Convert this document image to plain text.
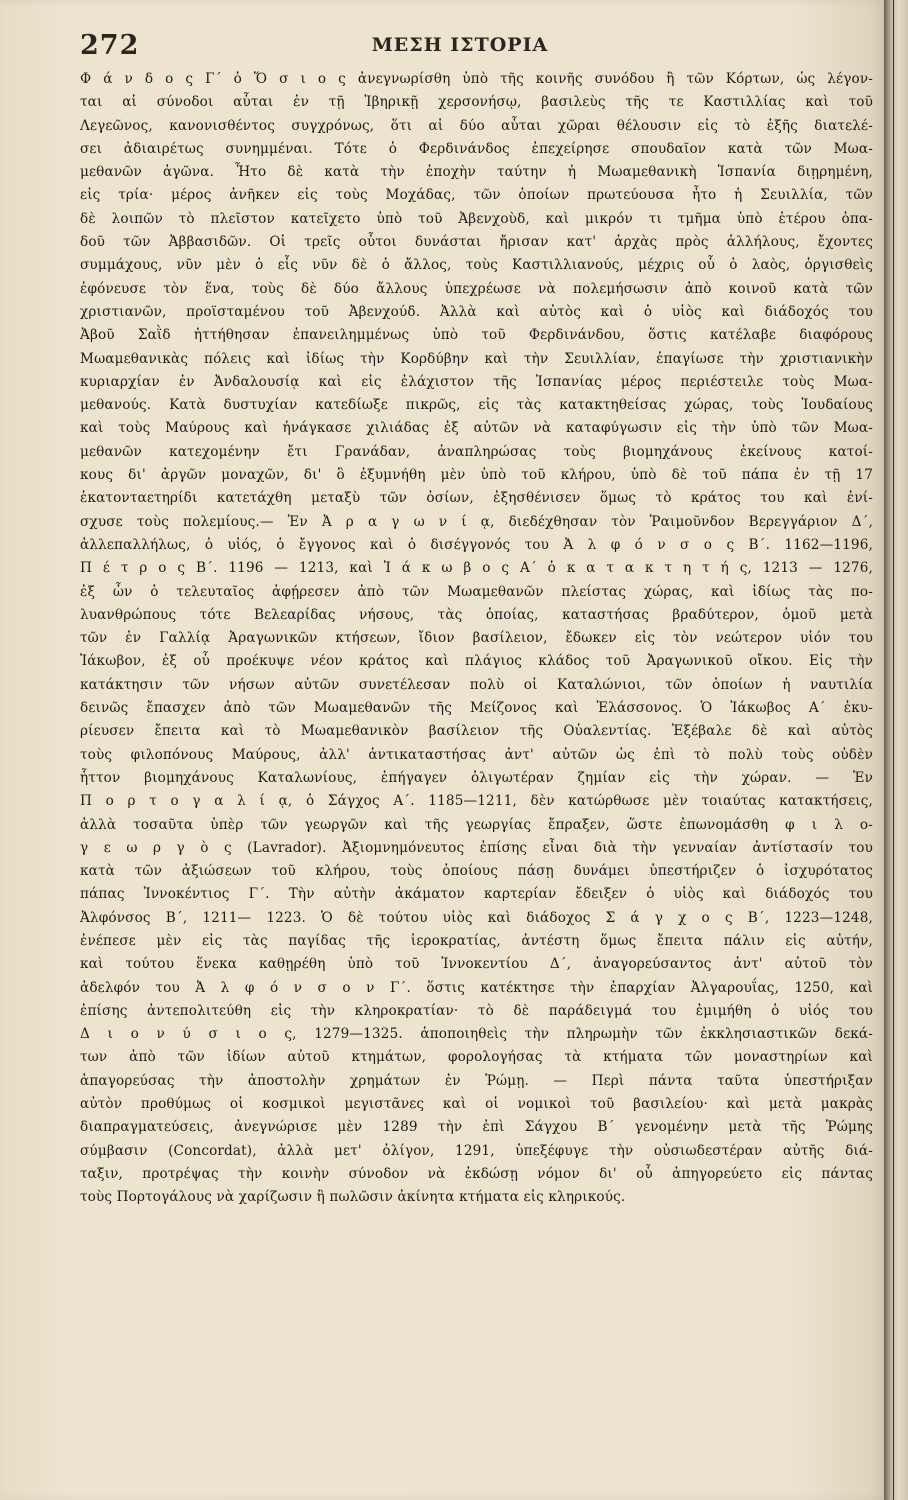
272	ΜΕΣΗ ΙΣΤΟΡΙΑ
Φ ά ν δ ο ς Γ΄ ὁ Ὅ σ ι ο ς ἀνεγνωρίσθη ὑπὸ τῆς κοινῆς συνόδου ἢ τῶν Κόρτων, ὡς λέγον-
ται αἱ σύνοδοι αὗται ἐν τῇ Ἰβηρικῇ χερσονήσῳ, βασιλεὺς τῆς τε Καστιλλίας καὶ τοῦ
Λεγεῶνος, κανονισθέντος συγχρόνως, ὅτι αἱ δύο αὗται χῶραι θέλουσιν εἰς τὸ ἑξῆς διατελέ-
σει ἀδιαιρέτως συνημμέναι. Τότε ὁ Φερδινάνδος ἐπεχείρησε σπουδαῖον κατὰ τῶν Μωα-
μεθανῶν ἀγῶνα. Ἦτο δὲ κατὰ τὴν ἐποχὴν ταύτην ἡ Μωαμεθανικὴ Ἱσπανία διῃρημένη,
εἰς τρία· μέρος ἀνῆκεν εἰς τοὺς Μοχάδας, τῶν ὁποίων πρωτεύουσα ἦτο ἡ Σευιλλία, τῶν
δὲ λοιπῶν τὸ πλεῖστον κατεῖχετο ὑπὸ τοῦ Ἀβενχοὺδ, καὶ μικρόν τι τμῆμα ὑπὸ ἑτέρου ὁπα-
δοῦ τῶν Ἀββασιδῶν. Οἱ τρεῖς οὗτοι δυνάσται ἤρισαν κατ' ἀρχὰς πρὸς ἀλλήλους, ἔχοντες
συμμάχους, νῦν μὲν ὁ εἷς νῦν δὲ ὁ ἄλλος, τοὺς Καστιλλιανούς, μέχρις οὗ ὁ λαὸς, ὀργισθεὶς
ἐφόνευσε τὸν ἕνα, τοὺς δὲ δύο ἄλλους ὑπεχρέωσε νὰ πολεμήσωσιν ἀπὸ κοινοῦ κατὰ τῶν
χριστιανῶν, προϊσταμένου τοῦ Ἀβενχούδ. Ἀλλὰ καὶ αὐτὸς καὶ ὁ υἱὸς καὶ διάδοχός του
Ἀβοῦ Σαῒδ ἡττήθησαν ἐπανειλημμένως ὑπὸ τοῦ Φερδινάνδου, ὅστις κατέλαβε διαφόρους
Μωαμεθανικὰς πόλεις καὶ ἰδίως τὴν Κορδύβην καὶ τὴν Σευιλλίαν, ἐπαγίωσε τὴν χριστιανικὴν
κυριαρχίαν ἐν Ἀνδαλουσίᾳ καὶ εἰς ἐλάχιστον τῆς Ἱσπανίας μέρος περιέστειλε τοὺς Μωα-
μεθανούς. Κατὰ δυστυχίαν κατεδίωξε πικρῶς, εἰς τὰς κατακτηθείσας χώρας, τοὺς Ἰουδαίους
καὶ τοὺς Μαύρους καὶ ἠνάγκασε χιλιάδας ἐξ αὐτῶν νὰ καταφύγωσιν εἰς τὴν ὑπὸ τῶν Μωα-
μεθανῶν κατεχομένην ἔτι Γρανάδαν, ἀναπληρώσας τοὺς βιομηχάνους ἐκείνους κατοί-
κους δι' ἀργῶν μοναχῶν, δι' ὃ ἐξυμνήθη μὲν ὑπὸ τοῦ κλήρου, ὑπὸ δὲ τοῦ πάπα ἐν τῇ 17
ἑκατονταετηρίδι κατετάχθη μεταξὺ τῶν ὁσίων, ἐξησθένισεν ὅμως τὸ κράτος του καὶ ἐνί-
σχυσε τοὺς πολεμίους.— Ἐν Ἀ ρ α γ ω ν ί ᾳ, διεδέχθησαν τὸν Ῥαιμοῦνδον Βερεγγάριον Δ΄,
ἀλλεπαλλήλως, ὁ υἱός, ὁ ἔγγονος καὶ ὁ δισέγγονός του Ἀ λ φ ό ν σ ο ς Β΄. 1162—1196,
Π έ τ ρ ο ς Β΄. 1196 — 1213, καὶ Ἰ ά κ ω β ο ς Α΄ ὁ κ α τ α κ τ η τ ή ς, 1213 — 1276,
ἐξ ὧν ὁ τελευταῖος ἀφῄρεσεν ἀπὸ τῶν Μωαμεθανῶν πλείστας χώρας, καὶ ἰδίως τὰς πο-
λυανθρώπους τότε Βελεαρίδας νήσους, τὰς ὁποίας, καταστήσας βραδύτερον, ὁμοῦ μετὰ
τῶν ἐν Γαλλίᾳ Ἀραγωνικῶν κτήσεων, ἴδιον βασίλειον, ἔδωκεν εἰς τὸν νεώτερον υἱόν του
Ἰάκωβον, ἐξ οὗ προέκυψε νέον κράτος καὶ πλάγιος κλάδος τοῦ Ἀραγωνικοῦ οἴκου. Εἰς τὴν
κατάκτησιν τῶν νήσων αὐτῶν συνετέλεσαν πολὺ οἱ Καταλώνιοι, τῶν ὁποίων ἡ ναυτιλία
δεινῶς ἔπασχεν ἀπὸ τῶν Μωαμεθανῶν τῆς Μείζονος καὶ Ἐλάσσονος. Ὁ Ἰάκωβος Α΄ ἐκυ-
ρίευσεν ἔπειτα καὶ τὸ Μωαμεθανικὸν βασίλειον τῆς Οὐαλεντίας. Ἐξέβαλε δὲ καὶ αὐτὸς
τοὺς φιλοπόνους Μαύρους, ἀλλ' ἀντικαταστήσας ἀντ' αὐτῶν ὡς ἐπὶ τὸ πολὺ τοὺς οὐδὲν
ἧττον βιομηχάνους Καταλωνίους, ἐπήγαγεν ὀλιγωτέραν ζημίαν εἰς τὴν χώραν. — Ἐν
Π ο ρ τ ο γ α λ ί ᾳ, ὁ Σάγχος Α΄. 1185—1211, δὲν κατώρθωσε μὲν τοιαύτας κατακτήσεις,
ἀλλὰ τοσαῦτα ὑπὲρ τῶν γεωργῶν καὶ τῆς γεωργίας ἔπραξεν, ὥστε ἐπωνομάσθη φ ι λ ο-
γ ε ω ρ γ ὸ ς (Lavrador). Ἀξιομνημόνευτος ἐπίσης εἶναι διὰ τὴν γενναίαν ἀντίστασίν του
κατὰ τῶν ἀξιώσεων τοῦ κλήρου, τοὺς ὁποίους πάσῃ δυνάμει ὑπεστήριζεν ὁ ἰσχυρότατος
πάπας Ἰννοκέντιος Γ΄. Τὴν αὐτὴν ἀκάματον καρτερίαν ἔδειξεν ὁ υἱὸς καὶ διάδοχός του
Ἀλφόνσος Β΄, 1211— 1223. Ὁ δὲ τούτου υἱὸς καὶ διάδοχος Σ ά γ χ ο ς Β΄, 1223—1248,
ἐνέπεσε μὲν εἰς τὰς παγίδας τῆς ἱεροκρατίας, ἀντέστη ὅμως ἔπειτα πάλιν εἰς αὐτήν,
καὶ τούτου ἕνεκα καθῃρέθη ὑπὸ τοῦ Ἰννοκεντίου Δ΄, ἀναγορεύσαντος ἀντ' αὐτοῦ τὸν
ἀδελφόν του Ἀ λ φ ό ν σ ο ν Γ΄. ὅστις κατέκτησε τὴν ἐπαρχίαν Ἀλγαρουΐας, 1250, καὶ
ἐπίσης ἀντεπολιτεύθη εἰς τὴν κληροκρατίαν· τὸ δὲ παράδειγμά του ἐμιμήθη ὁ υἱός του
Δ ι ο ν ύ σ ι ο ς, 1279—1325. ἀποποιηθεὶς τὴν πληρωμὴν τῶν ἐκκλησιαστικῶν δεκά-
των ἀπὸ τῶν ἰδίων αὐτοῦ κτημάτων, φορολογήσας τὰ κτήματα τῶν μοναστηρίων καὶ
ἀπαγορεύσας τὴν ἀποστολὴν χρημάτων ἐν Ῥώμῃ. — Περὶ πάντα ταῦτα ὑπεστήριξαν
αὐτὸν προθύμως οἱ κοσμικοὶ μεγιστᾶνες καὶ οἱ νομικοὶ τοῦ βασιλείου· καὶ μετὰ μακρὰς
διαπραγματεύσεις, ἀνεγνώρισε μὲν 1289 τὴν ἐπὶ Σάγχου Β΄ γενομένην μετὰ τῆς Ῥώμης
σύμβασιν (Concordat), ἀλλὰ μετ' ὀλίγον, 1291, ὑπεξέφυγε τὴν οὐσιωδεστέραν αὐτῆς διά-
ταξιν, προτρέψας τὴν κοινὴν σύνοδον νὰ ἐκδώσῃ νόμον δι' οὗ ἀπηγορεύετο εἰς πάντας
τοὺς Πορτογάλους νὰ χαρίζωσιν ἢ πωλῶσιν ἀκίνητα κτήματα εἰς κληρικούς.
